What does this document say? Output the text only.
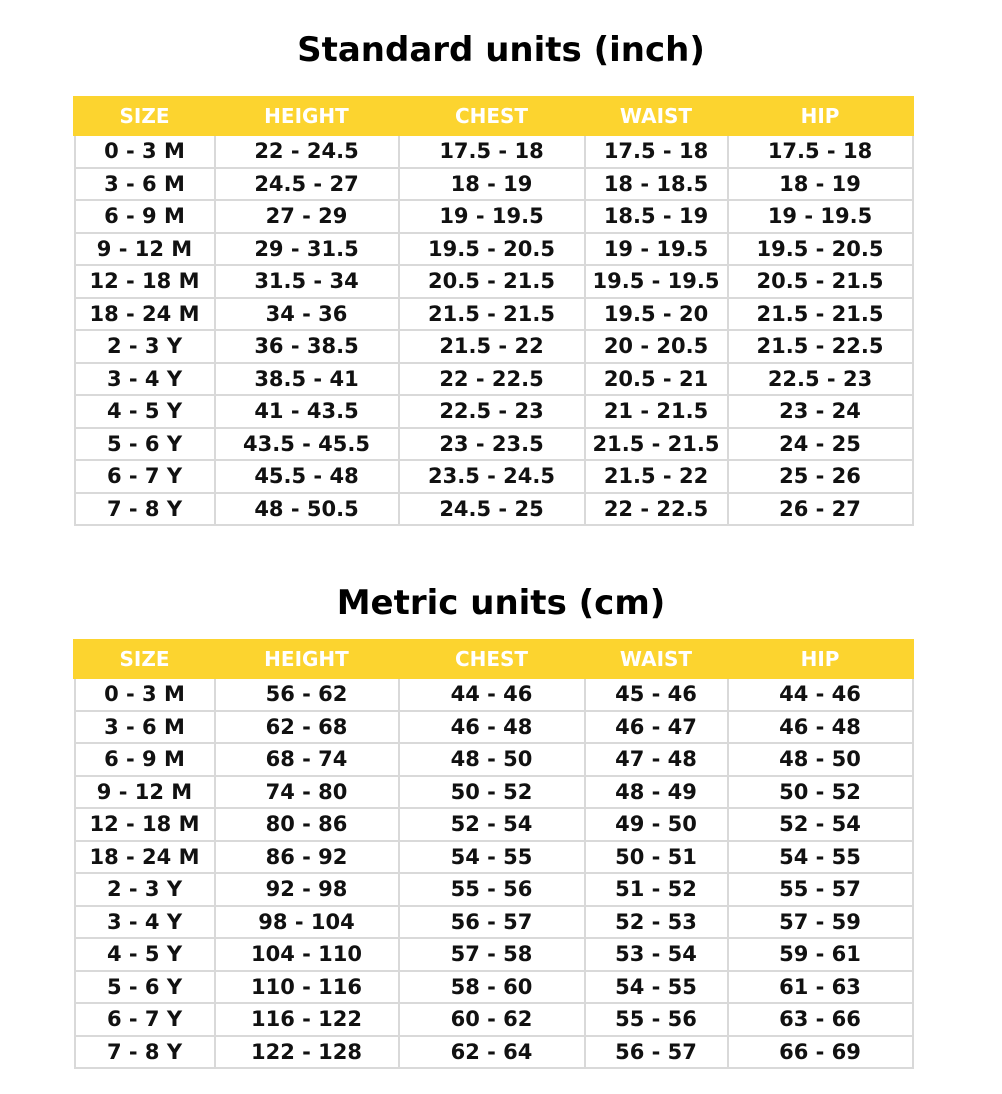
Standard units (inch)
SIZE	HEIGHT	CHEST	WAIST	HIP
0 - 3 M	22 - 24.5	17.5 - 18	17.5 - 18	17.5 - 18
3 - 6 M	24.5 - 27	18 - 19	18 - 18.5	18 - 19
6 - 9 M	27 - 29	19 - 19.5	18.5 - 19	19 - 19.5
9 - 12 M	29 - 31.5	19.5 - 20.5	19 - 19.5	19.5 - 20.5
12 - 18 M	31.5 - 34	20.5 - 21.5	19.5 - 19.5	20.5 - 21.5
18 - 24 M	34 - 36	21.5 - 21.5	19.5 - 20	21.5 - 21.5
2 - 3 Y	36 - 38.5	21.5 - 22	20 - 20.5	21.5 - 22.5
3 - 4 Y	38.5 - 41	22 - 22.5	20.5 - 21	22.5 - 23
4 - 5 Y	41 - 43.5	22.5 - 23	21 - 21.5	23 - 24
5 - 6 Y	43.5 - 45.5	23 - 23.5	21.5 - 21.5	24 - 25
6 - 7 Y	45.5 - 48	23.5 - 24.5	21.5 - 22	25 - 26
7 - 8 Y	48 - 50.5	24.5 - 25	22 - 22.5	26 - 27
Metric units (cm)
SIZE	HEIGHT	CHEST	WAIST	HIP
0 - 3 M	56 - 62	44 - 46	45 - 46	44 - 46
3 - 6 M	62 - 68	46 - 48	46 - 47	46 - 48
6 - 9 M	68 - 74	48 - 50	47 - 48	48 - 50
9 - 12 M	74 - 80	50 - 52	48 - 49	50 - 52
12 - 18 M	80 - 86	52 - 54	49 - 50	52 - 54
18 - 24 M	86 - 92	54 - 55	50 - 51	54 - 55
2 - 3 Y	92 - 98	55 - 56	51 - 52	55 - 57
3 - 4 Y	98 - 104	56 - 57	52 - 53	57 - 59
4 - 5 Y	104 - 110	57 - 58	53 - 54	59 - 61
5 - 6 Y	110 - 116	58 - 60	54 - 55	61 - 63
6 - 7 Y	116 - 122	60 - 62	55 - 56	63 - 66
7 - 8 Y	122 - 128	62 - 64	56 - 57	66 - 69
